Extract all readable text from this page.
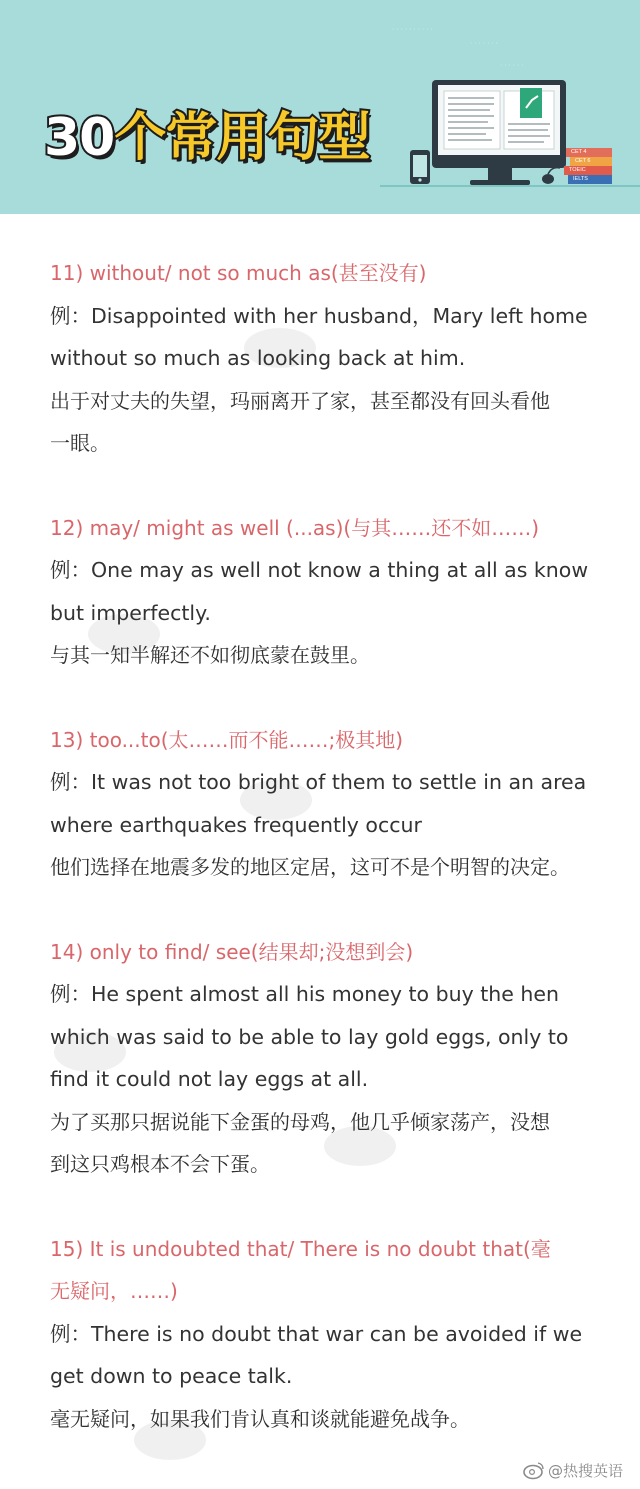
· · · · · · · · · ·
· · · · · · ·
· · · · · ·
CET 4
CET 6
TOEIC
IELTS
30个常用句型
11) without/ not so much as(甚至没有)
例：Disappointed with her husband，Mary left home
without so much as looking back at him.
出于对丈夫的失望，玛丽离开了家，甚至都没有回头看他
一眼。
12) may/ might as well (...as)(与其……还不如……)
例：One may as well not know a thing at all as know
but imperfectly.
与其一知半解还不如彻底蒙在鼓里。
13) too...to(太……而不能……;极其地)
例：It was not too bright of them to settle in an area
where earthquakes frequently occur
他们选择在地震多发的地区定居，这可不是个明智的决定。
14) only to find/ see(结果却;没想到会)
例：He spent almost all his money to buy the hen
which was said to be able to lay gold eggs, only to
find it could not lay eggs at all.
为了买那只据说能下金蛋的母鸡，他几乎倾家荡产，没想
到这只鸡根本不会下蛋。
15) It is undoubted that/ There is no doubt that(毫
无疑问，……)
例：There is no doubt that war can be avoided if we
get down to peace talk.
毫无疑问，如果我们肯认真和谈就能避免战争。
@热搜英语
